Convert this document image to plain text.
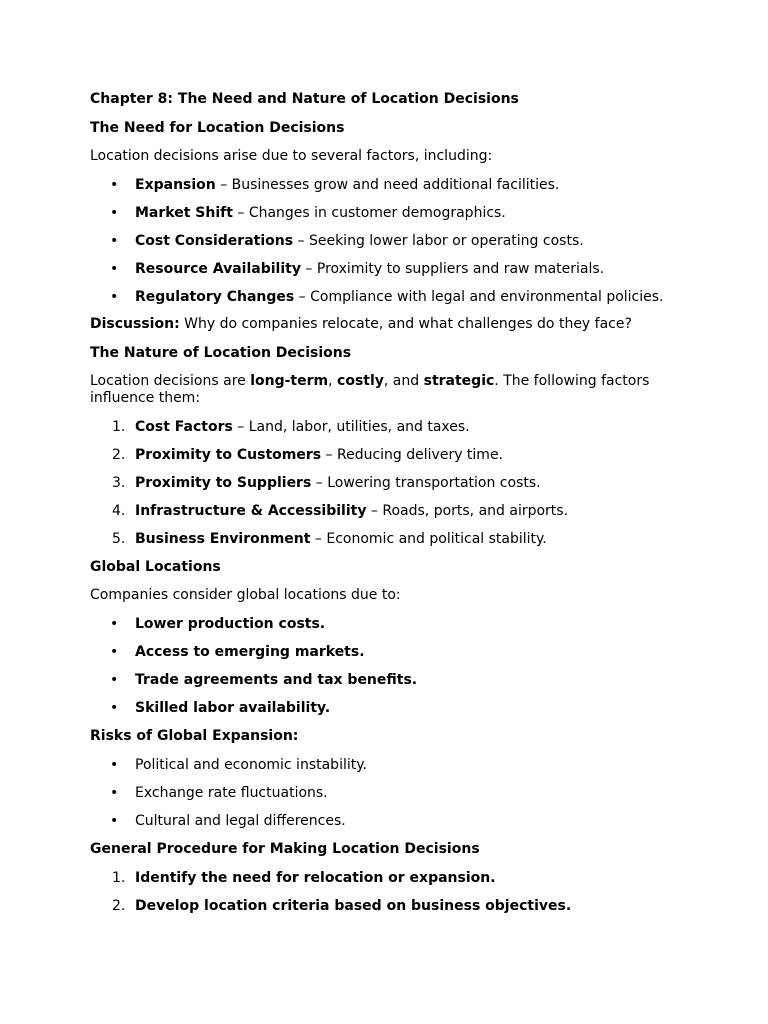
Chapter 8: The Need and Nature of Location Decisions
The Need for Location Decisions

Location decisions arise due to several factors, including:

• Expansion – Businesses grow and need additional facilities.
• Market Shift – Changes in customer demographics.
• Cost Considerations – Seeking lower labor or operating costs.
• Resource Availability – Proximity to suppliers and raw materials.
• Regulatory Changes – Compliance with legal and environmental policies.

Discussion: Why do companies relocate, and what challenges do they face?

The Nature of Location Decisions

Location decisions are long-term, costly, and strategic. The following factors influence them:

1. Cost Factors – Land, labor, utilities, and taxes.
2. Proximity to Customers – Reducing delivery time.
3. Proximity to Suppliers – Lowering transportation costs.
4. Infrastructure & Accessibility – Roads, ports, and airports.
5. Business Environment – Economic and political stability.
Global Locations

Companies consider global locations due to:

• Lower production costs.
• Access to emerging markets.
• Trade agreements and tax benefits.
• Skilled labor availability.
Risks of Global Expansion:
• Political and economic instability.
• Exchange rate fluctuations.
• Cultural and legal differences.
General Procedure for Making Location Decisions
1. Identify the need for relocation or expansion.
2. Develop location criteria based on business objectives.
